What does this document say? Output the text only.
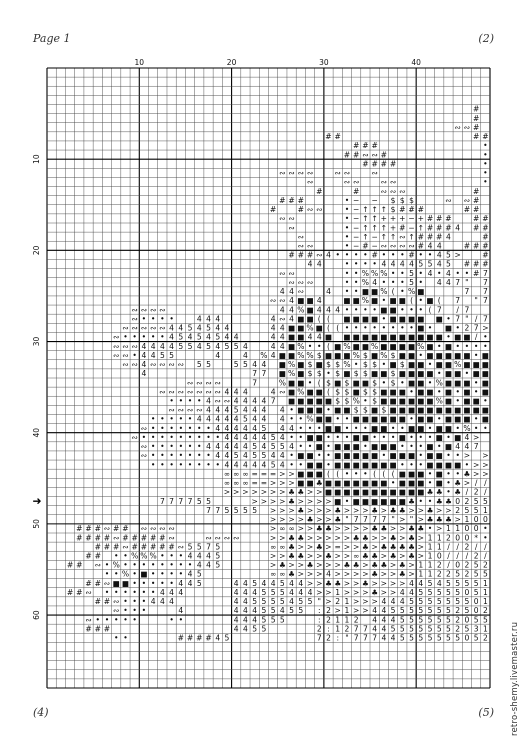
Page 1	(2)
(4)	(5) retro-shemy.livemaster.ru
#
#
∾ ∾ #
# #	# #
# # #	•
# # ∾ ∾ #	•
# # # #	•
∾ ∾ ∾ ∾	∾ ∾	∾	•
∾	∾ ∾	∾ ∾	•
#	#	∾ ∾ ∾	#
# # #	• − − $ $ $	∾ ∾ #
#	# ∾ ∾	• − ↑ ↑ ↑ $ # # #	# #
∾ ∾	• − ↑ ↑ + + + − + # # #	# #
∾	• − ↑ ↑ ↑ + # − ↑ # # # 4 # #
∾	• − ↑ − ↑ ↑ ∾ ↑ # # # 4	#
∾ ∾	• − # − ∾ ∾ ∾ ∾ # 4 4	# # #
# # # ∾ 4 • • • • # • • • # • • 4 5 >	#
4 4	• • • • 4 4 4 4 5 5 4 5 # # #
∾ ∾	• • % % % • • 5 • 4 • 4 • • # 7
∾ ∾ ∾	• • % 4 • • • 5 • 4 4 7 " 7
4 4 ∾	4 • • ■ ■ % ( • % ■	7 7
∾ ∾ 4 ■ ■ 4	■ ■ % ■ • ■ ■ ( • ■ ( 7 " 7
∾ ∾ ∾ ∾	4 4 % ■ 4 4 4 • • • • ■ ■ • • • ( 7 / 7
∾ • • • •	4 4 4	4 ∾ 4 ■ ■ ( ( ■ ■ ■ ■ • ■ ■ ■ ■ ■ • 7 " / 7
∾ ∾ ∾ ∾ ∾ 4 4 5 4 5 4 4	4 4 ■ ■ % ■ ( ( • • • • • • • • ■ • ■ • 2 7 >
∾ • • • • • 4 5 4 5 4 5 4 4	4 4 ■ ■ 4 4 ■ ■ ■ ■ ■ ■ ■ ■ ■ ■ ■ ■ • ■ ■ / •
∾ ∾ ∾ 4 4 4 4 5 5 4 5 4 5 5 4	4 4 ■ % • • ( ■ % ■ ■ % ■ ■ ■ ■ % ■ • ■ • • • •
∾ ∾ • 4 4 5 5	4	4 % 4 ■ ■ % % $ ■ ■ ■ % $ ■ % $ ■ ■ • ■ ■ ■ ■ ■ • ■
∾ ∾ 4 ∾ ∾ ∾ ∾ 5 5	5 5 4 4 ■ % ■ $ ■ $ $ % • $ $ • ■ $ ■ ■ • ■ ■ % ■ ■ ■
4	7 7 ■ % ■ $ $ • $ ■ $ $ ■ ■ $ ■ ■ ■ ■ • ■ ■ • ■ ■
∾ ∾ ∾ ∾	7	% ■ ■ • ( $ ■ $ ■ ■ $ • $ • ■ ■ • % ■ ■ ■ • ■
∾ ∾ ∾ ∾ ∾ ∾ ∾ 4 4 4	4 ∾ ■ % ■ ■ ( $ $ ■ $ $ ■ ■ ■ • ■ ■ • ■ • ■ • ■
• • • • 4 ∾ ∾ 4 4 4 4 7 ■ ■ ■ ■ ■ $ $ % • $ ■ ■ ■ ■ ■ ■ % ■ • ■ ■ •
∾ ∾ ∾ ∾ 4 4 4 5 4 4 4 4 • ■ ■ ■ • ■ ■ $ $ ■ $ ■ ■ ■ ■ ■ ■ ■ ■ ■ ■ ■
• • • • • 4 4 4 4 4 5 4 4 4 • • % ■ ■ • • ■ ■ ■ ■ ■ ■ • ■ ■ • ■ ■ ■ • ■
∾ • • • • • • • 4 4 4 4 4 5 4 4 • • • ■ ■ • • • ■ ■ • • ■ ■ • ■ ■ • % • •
∾ • • • • • • • • • 4 4 4 4 4 5 4 • • ■ ■ • • • ■ ■ • • • ■ • • • ■ • ■ 4 >
∾ • • • • • • 4 4 4 4 4 5 4 5 5 4 • • ■ • ■ ■ ■ • ■ ■ ■ • • • ■ • ■ 4 4 7
∾ • • • • • • • 4 4 5 4 5 5 4 4 • ■ ■ • • ■ ■ ■ ■ ■ • ■ ■ ■ • ■ ■ • • > >
• • • • • • • • 4 4 4 4 4 5 4 • • ■ ■ • ■ ■ ■ ■ ■ ■ ■ • • • ■ ■ ■ ■ • > >
∞ ∞ ∞ = = = > > ■ ■ ■ ( ( • • • ( ( ( ■ ■ ■ • ■ • • ♣ > >
∞ ∞ ∞ = = > > > ■ ■ ♣ ■ ■ ■ ■ ■ ■ ■ • ■ ■ ■ • ■ • ♣ > / /
> > > > > > > ♣ ♣ > > ■ ■ ■ ■ ■ ■ ■ ■ ■ ■ ■ ♣ ♣ • ♣ / 2 /
7 7 7 7 5 5	> > > > ♣ > > > > ■ • ■ ■ ■ ■ ■ ■ ♣ • • ♣ ♣ 0 2 5 5
7 7 5 5 5 5 > > > ♣ > > > ♣ > > > ♣ > ♣ ♣ > > ♣ > > 2 5 5 1
> > > > ♣ > > ♣ " 7 7 7 7 " > " > ♣ ♣ ♣ > 1 0 0
# # # ∾ # # ∾ ∾ ∾ ∾	> ∞ ∞ > > ♣ ♣ > > > > ♣ ♣ > > ♣ ♣ • > 1 1 0 0 •
# # # # ∾ # # # # # ∾	∾ ∾ ∾ ∾	> > ♣ ♣ > > > > > ♣ ♣ > > ♣ > ♣ > 1 1 2 0 0 * •
# # # ∾ # # # # # ∾ 5 5 7 5	∞ ∞ ♣ > > ♣ > = > > ♣ > ♣ ♣ ♣ ♣ > 1 1 / / 2 / /
# # • • % % % • • • 4 4 4 5	> > ♣ ♣ > > ♣ > > ∞ ♣ ♣ > ♣ > ♣ > 1 0 / / / 2 /
# # ∾ • % • • • • • • • • 4 4 5	> ♣ > > ♣ > > > ♣ ♣ > ♣ ♣ > ♣ > 1 1 2 / 0 2 5 2
• • % • ■ • • • • 4 5	∞ ∞ ♣ > > > 4 > > > > ♣ > > ♣ > 1 1 2 2 5 2 5 5
# # ∾ ■ ■ • • • • • 4 4 5	4 4 5 4 4 5 4 4 > > ♣ ♣ > > ♣ > > > > 4 4 5 4 5 5 5 5 1
# # ∾ • • • • • • 4 4 4	4 4 4 5 5 5 4 4 4 > > 1 > > > ♣ > > 4 4 5 5 5 5 5 0 5 1
# # ∾ • • • 4 4 4	4 4 5 5 5 5 4 5 5 " > 2 1 > > > 4 4 4 5 5 5 5 5 5 5 0 1
∾ • • •	4	4 4 4 5 5 4 5 5 : 2 > 1 > > 4 4 5 5 5 5 5 5 5 2 5 0 2
∾ • • • • •	• •	4 4 4 5 5 5	: 2 1 1 2 4 4 4 5 5 5 5 5 5 2 0 5 5
# # #	4 4 5 5	2 : 1 2 7 7 4 4 5 5 5 5 5 5 5 2 5 3 1
• •	# # # # 4 5	7 2 : " 7 7 7 4 4 5 5 5 5 5 5 5 0 5 2
10	20	30	40
10
20
30
40
50
60
➜
